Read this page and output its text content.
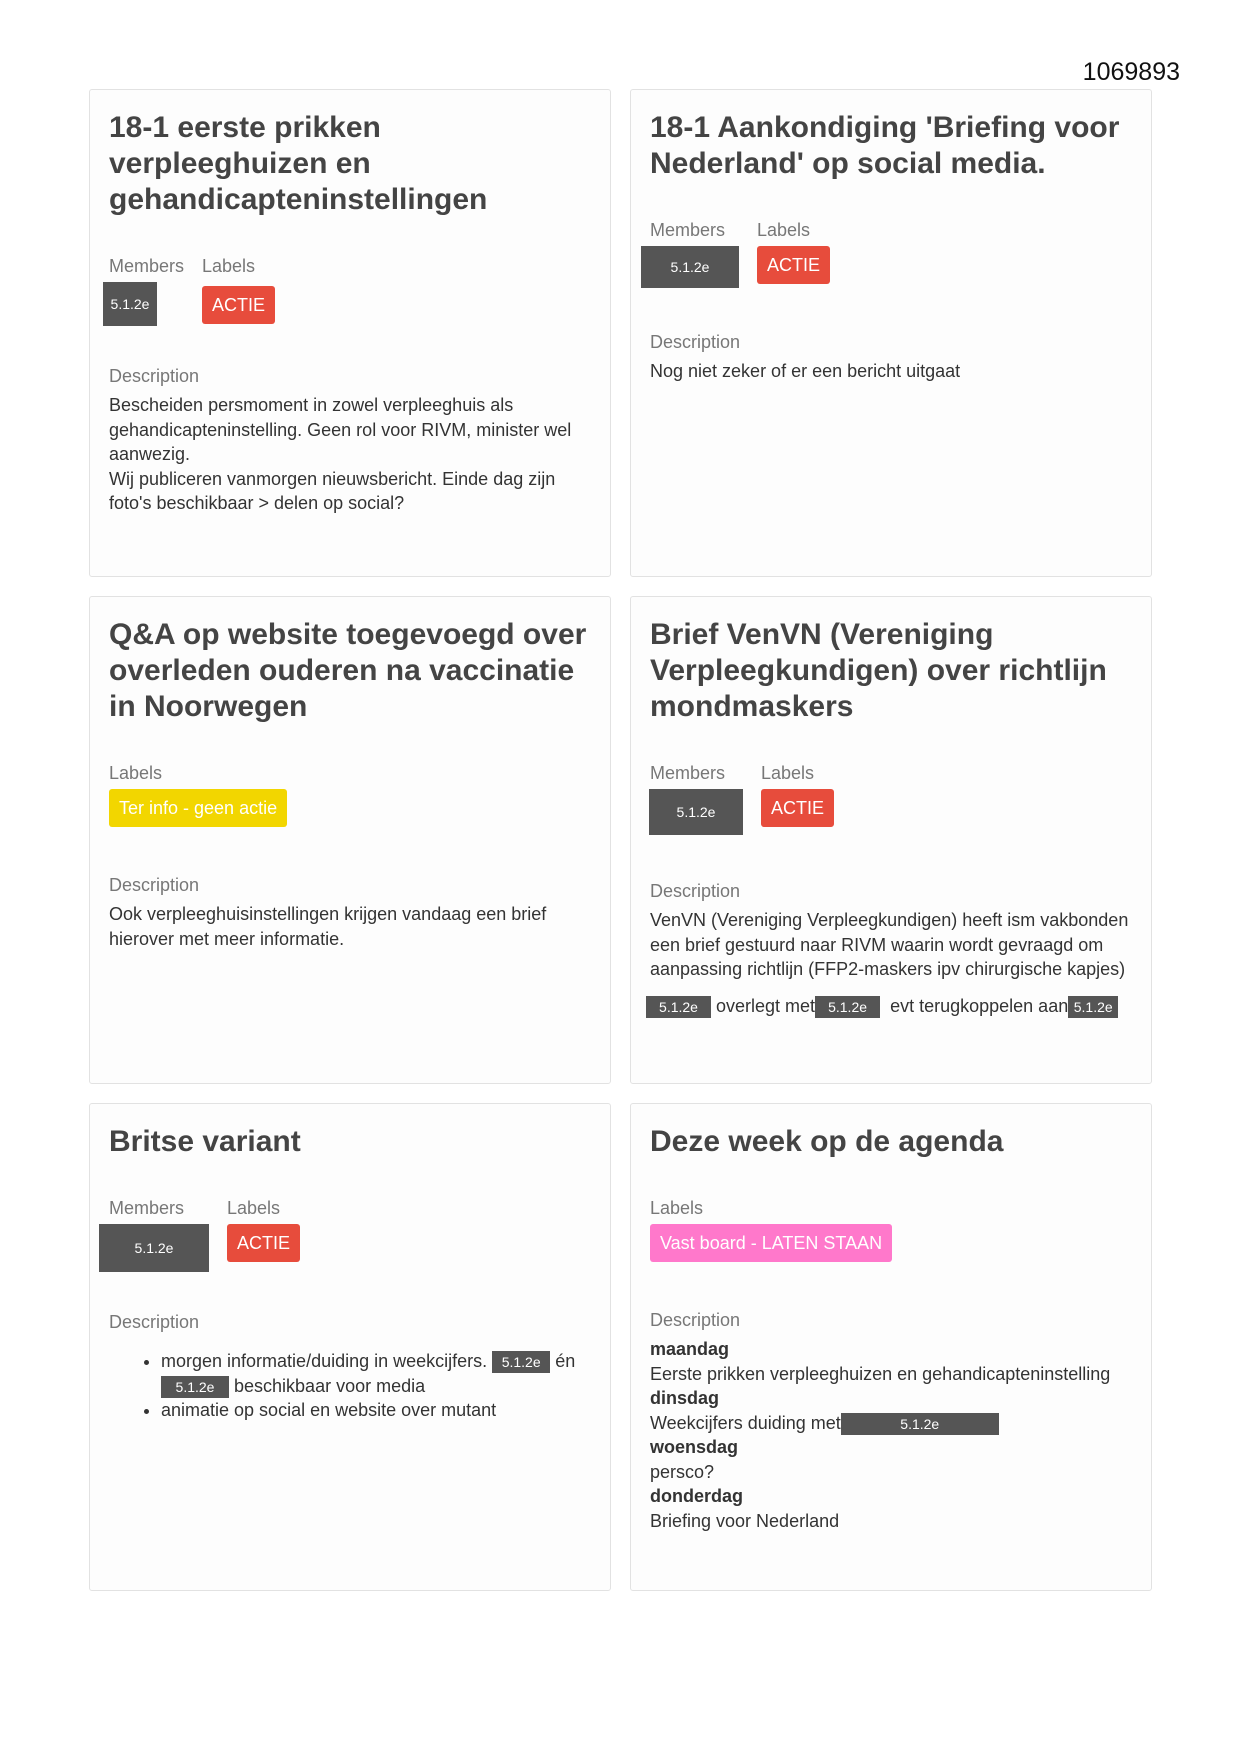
1069893
18-1 eerste prikken verpleeghuizen en gehandicapteninstellingen
Members
5.1.2e
Labels
ACTIE
Description

Bescheiden persmoment in zowel verpleeghuis als gehandicapteninstelling. Geen rol voor RIVM, minister wel aanwezig.

Wij publiceren vanmorgen nieuwsbericht. Einde dag zijn foto's beschikbaar > delen op social?

18-1 Aankondiging 'Briefing voor Nederland' op social media.
Members
5.1.2e
Labels
ACTIE
Description

Nog niet zeker of er een bericht uitgaat

Q&A op website toegevoegd over overleden ouderen na vaccinatie in Noorwegen
Labels
Ter info - geen actie
Description

Ook verpleeghuisinstellingen krijgen vandaag een brief hierover met meer informatie.

Brief VenVN (Vereniging Verpleegkundigen) over richtlijn mondmaskers
Members
5.1.2e
Labels
ACTIE
Description

VenVN (Vereniging Verpleegkundigen) heeft ism vakbonden een brief gestuurd naar RIVM waarin wordt gevraagd om aanpassing richtlijn (FFP2-maskers ipv chirurgische kapjes)

5.1.2e overlegt met 5.1.2e evt terugkoppelen aan 5.1.2e

Britse variant
Members
5.1.2e
Labels
ACTIE
Description
• morgen informatie/duiding in weekcijfers. 5.1.2e én
5.1.2e beschikbaar voor media
• animatie op social en website over mutant
Deze week op de agenda
Labels
Vast board - LATEN STAAN
Description

maandag

Eerste prikken verpleeghuizen en gehandicapteninstelling

dinsdag

Weekcijfers duiding met	5.1.2e

woensdag

persco?

donderdag

Briefing voor Nederland
